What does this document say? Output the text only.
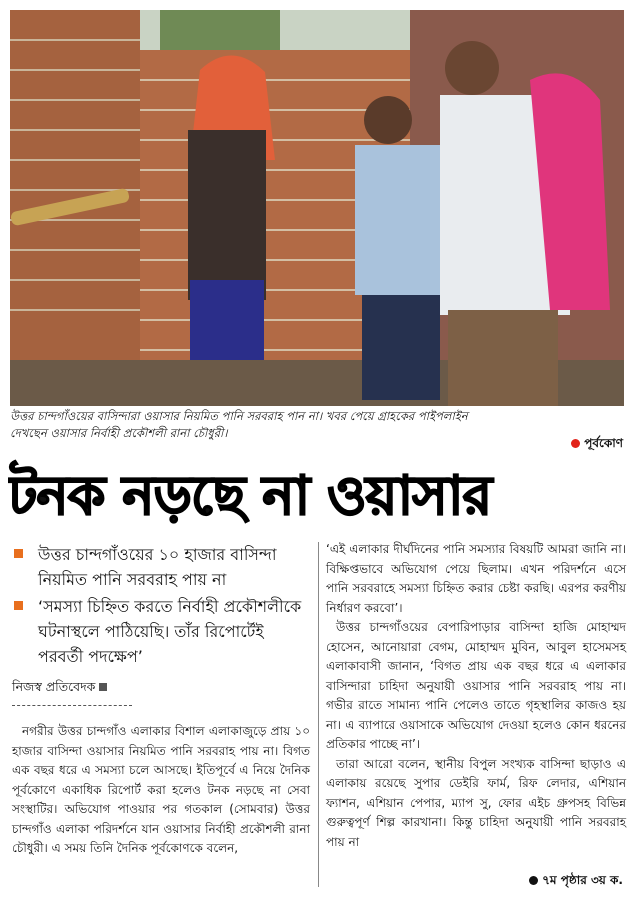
উত্তর চান্দগাঁওয়ের বাসিন্দারা ওয়াসার নিয়মিত পানি সরবরাহ পান না। খবর পেয়ে গ্রাহকের পাইপলাইন
দেখছেন ওয়াসার নির্বাহী প্রকৌশলী রানা চৌধুরী।
পূর্বকোণ
টনক নড়ছে না ওয়াসার
উত্তর চান্দগাঁওয়ের ১০ হাজার বাসিন্দা নিয়মিত পানি সরবরাহ পায় না
‘সমস্যা চিহ্নিত করতে নির্বাহী প্রকৌশলীকে ঘটনাস্থলে পাঠিয়েছি। তাঁর রিপোর্টেই পরবর্তী পদক্ষেপ’
নিজস্ব প্রতিবেদক

নগরীর উত্তর চান্দগাঁও এলাকার বিশাল এলাকাজুড়ে প্রায় ১০ হাজার বাসিন্দা ওয়াসার নিয়মিত পানি সরবরাহ পায় না। বিগত এক বছর ধরে এ সমস্যা চলে আসছে। ইতিপূর্বে এ নিয়ে দৈনিক পূর্বকোণে একাধিক রিপোর্ট করা হলেও টনক নড়ছে না সেবা সংস্থাটির। অভিযোগ পাওয়ার পর গতকাল (সোমবার) উত্তর চান্দগাঁও এলাকা পরিদর্শনে যান ওয়াসার নির্বাহী প্রকৌশলী রানা চৌধুরী। এ সময় তিনি দৈনিক পূর্বকোণকে বলেন,

‘এই এলাকার দীর্ঘদিনের পানি সমস্যার বিষয়টি আমরা জানি না। বিক্ষিপ্তভাবে অভিযোগ পেয়ে ছিলাম। এখন পরিদর্শনে এসে পানি সরবরাহে সমস্যা চিহ্নিত করার চেষ্টা করছি। এরপর করণীয় নির্ধারণ করবো’।

উত্তর চান্দগাঁওয়ের বেপারিপাড়ার বাসিন্দা হাজি মোহাম্মদ হোসেন, আনোয়ারা বেগম, মোহাম্মদ মুবিন, আবুল হাসেমসহ এলাকাবাসী জানান, ‘বিগত প্রায় এক বছর ধরে এ এলাকার বাসিন্দারা চাহিদা অনুযায়ী ওয়াসার পানি সরবরাহ পায় না। গভীর রাতে সামান্য পানি পেলেও তাতে গৃহস্থালির কাজও হয় না। এ ব্যাপারে ওয়াসাকে অভিযোগ দেওয়া হলেও কোন ধরনের প্রতিকার পাচ্ছে না’।

তারা আরো বলেন, স্থানীয় বিপুল সংখ্যক বাসিন্দা ছাড়াও এ এলাকায় রয়েছে সুপার ডেইরি ফার্ম, রিফ লেদার, এশিয়ান ফ্যাশন, এশিয়ান পেপার, ম্যাপ সু, ফোর এইচ গ্রুপসহ বিভিন্ন গুরুত্বপূর্ণ শিল্প কারখানা। কিন্তু চাহিদা অনুযায়ী পানি সরবরাহ পায় না

৭ম পৃষ্ঠার ৩য় ক.
